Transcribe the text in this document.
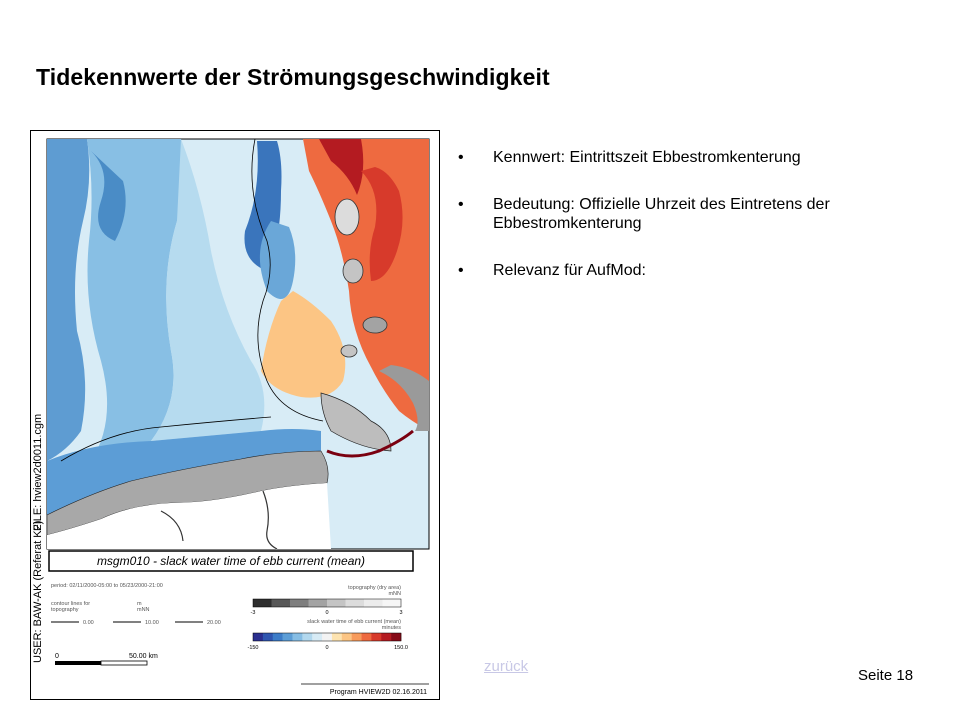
Tidekennwerte der Strömungsgeschwindigkeit
USER: BAW-AK (Referat K2)
FILE: hview2d0011.cgm
msgm010 - slack water time of ebb current (mean)
period: 02/11/2000-05:00 to 05/23/2000-21:00
contour lines for
topography
m
mNN
0.00	10.00	20.00
topography (dry area)
mNN
-3	0	3
slack water time of ebb current (mean)
minutes
-150	0	150.0
0	50.00 km
Program HVIEW2D 02.16.2011
• Kennwert: Eintrittszeit Ebbestromkenterung
• Bedeutung: Offizielle Uhrzeit des Eintretens der Ebbestromkenterung
• Relevanz für AufMod:
zurück
Seite 18
